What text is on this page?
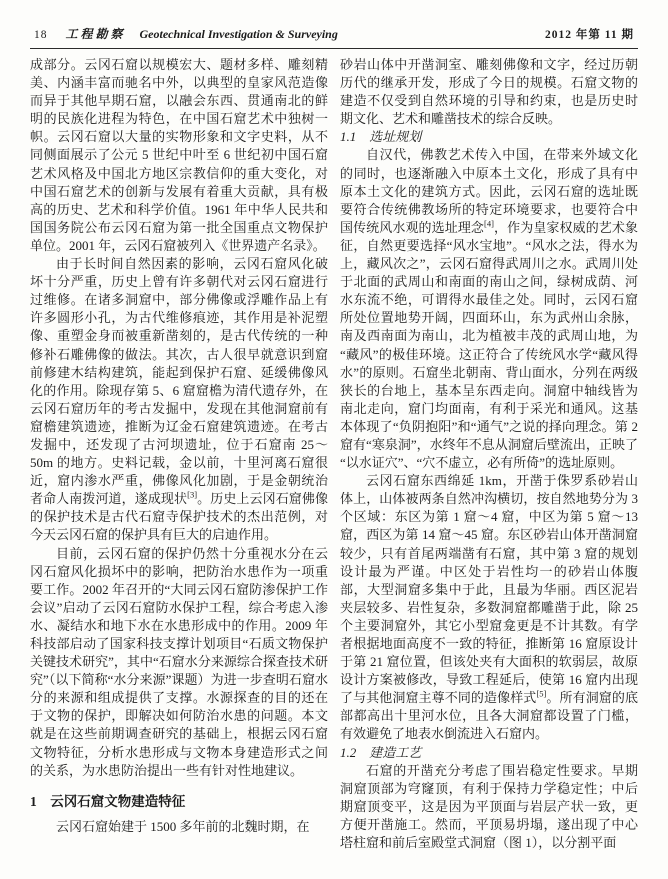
18 工程勘察 Geotechnical Investigation & Surveying	2012 年第 11 期

成部分。云冈石窟以规模宏大、题材多样、雕刻精美、内涵丰富而驰名中外，以典型的皇家风范造像而异于其他早期石窟，以融会东西、贯通南北的鲜明的民族化进程为特色，在中国石窟艺术中独树一帜。云冈石窟以大量的实物形象和文字史料，从不同侧面展示了公元 5 世纪中叶至 6 世纪初中国石窟艺术风格及中国北方地区宗教信仰的重大变化，对中国石窟艺术的创新与发展有着重大贡献，具有极高的历史、艺术和科学价值。1961 年中华人民共和国国务院公布云冈石窟为第一批全国重点文物保护单位。2001 年，云冈石窟被列入《世界遗产名录》。

由于长时间自然因素的影响，云冈石窟风化破坏十分严重，历史上曾有许多朝代对云冈石窟进行过维修。在诸多洞窟中，部分佛像或浮雕作品上有许多圆形小孔，为古代维修痕迹，其作用是补泥塑像、重塑金身而被重新凿刻的，是古代传统的一种修补石雕佛像的做法。其次，古人很早就意识到窟前修建木结构建筑，能起到保护石窟、延缓佛像风化的作用。除现存第 5、6 窟窟檐为清代遗存外，在云冈石窟历年的考古发掘中，发现在其他洞窟前有窟檐建筑遗迹，推断为辽金石窟建筑遗迹。在考古发掘中，还发现了古河坝遗址，位于石窟南 25～50m 的地方。史料记载，金以前，十里河离石窟很近，窟内渗水严重，佛像风化加剧，于是金朝统治者命人南拨河道，遂成现状[3]。历史上云冈石窟佛像的保护技术是古代石窟寺保护技术的杰出范例，对今天云冈石窟的保护具有巨大的启迪作用。

目前，云冈石窟的保护仍然十分重视水分在云冈石窟风化损坏中的影响，把防治水患作为一项重要工作。2002 年召开的“大同云冈石窟防渗保护工作会议”启动了云冈石窟防水保护工程，综合考虑入渗水、凝结水和地下水在水患形成中的作用。2009 年科技部启动了国家科技支撑计划项目“石质文物保护关键技术研究”，其中“石窟水分来源综合探查技术研究”（以下简称“水分来源”课题）为进一步查明石窟水分的来源和组成提供了支撑。水源探查的目的还在于文物的保护，即解决如何防治水患的问题。本文就是在这些前期调查研究的基础上，根据云冈石窟文物特征，分析水患形成与文物本身建造形式之间的关系，为水患防治提出一些有针对性地建议。

1　云冈石窟文物建造特征

云冈石窟始建于 1500 多年前的北魏时期，在

砂岩山体中开凿洞室、雕刻佛像和文字，经过历朝历代的继承开发，形成了今日的规模。石窟文物的建造不仅受到自然环境的引导和约束，也是历史时期文化、艺术和雕凿技术的综合反映。

1.1　选址规划

自汉代，佛教艺术传入中国，在带来外域文化的同时，也逐渐融入中原本土文化，形成了具有中原本土文化的建筑方式。因此，云冈石窟的选址既要符合传统佛教场所的特定环境要求，也要符合中国传统风水观的选址理念[4]，作为皇家权威的艺术象征，自然更要选择“风水宝地”。“风水之法，得水为上，藏风次之”，云冈石窟得武周川之水。武周川处于北面的武周山和南面的南山之间，绿树成荫、河水东流不绝，可谓得水最佳之处。同时，云冈石窟所处位置地势开阔，四面环山，东为武州山余脉，南及西南面为南山，北为植被丰茂的武周山地，为“藏风”的极佳环境。这正符合了传统风水学“藏风得水”的原则。石窟坐北朝南、背山面水，分列在两级狭长的台地上，基本呈东西走向。洞窟中轴线皆为南北走向，窟门均面南，有利于采光和通风。这基本体现了“负阴抱阳”和“通气”之说的择向理念。第 2 窟有“寒泉洞”，水终年不息从洞窟后壁流出，正映了“以水证穴”、“穴不虚立，必有所倚”的选址原则。

云冈石窟东西绵延 1km，开凿于侏罗系砂岩山体上，山体被两条自然冲沟横切，按自然地势分为 3 个区域：东区为第 1 窟～4 窟，中区为第 5 窟～13 窟，西区为第 14 窟～45 窟。东区砂岩山体开凿洞窟较少，只有首尾两端凿有石窟，其中第 3 窟的规划设计最为严谨。中区处于岩性均一的砂岩山体腹部，大型洞窟多集中于此，且最为华丽。西区泥岩夹层较多、岩性复杂，多数洞窟都雕凿于此，除 25 个主要洞窟外，其它小型窟龛更是不计其数。有学者根据地面高度不一致的特征，推断第 16 窟原设计于第 21 窟位置，但该处夹有大面积的软弱层，故原设计方案被修改，导致工程延后，使第 16 窟内出现了与其他洞窟主尊不同的造像样式[5]。所有洞窟的底部都高出十里河水位，且各大洞窟都设置了门槛，有效避免了地表水倒流进入石窟内。

1.2　建造工艺

石窟的开凿充分考虑了围岩稳定性要求。早期洞窟顶部为穹窿顶，有利于保持力学稳定性；中后期窟顶变平，这是因为平顶面与岩层产状一致，更方便开凿施工。然而，平顶易坍塌，遂出现了中心塔柱窟和前后室殿堂式洞窟（图 1），以分割平面
